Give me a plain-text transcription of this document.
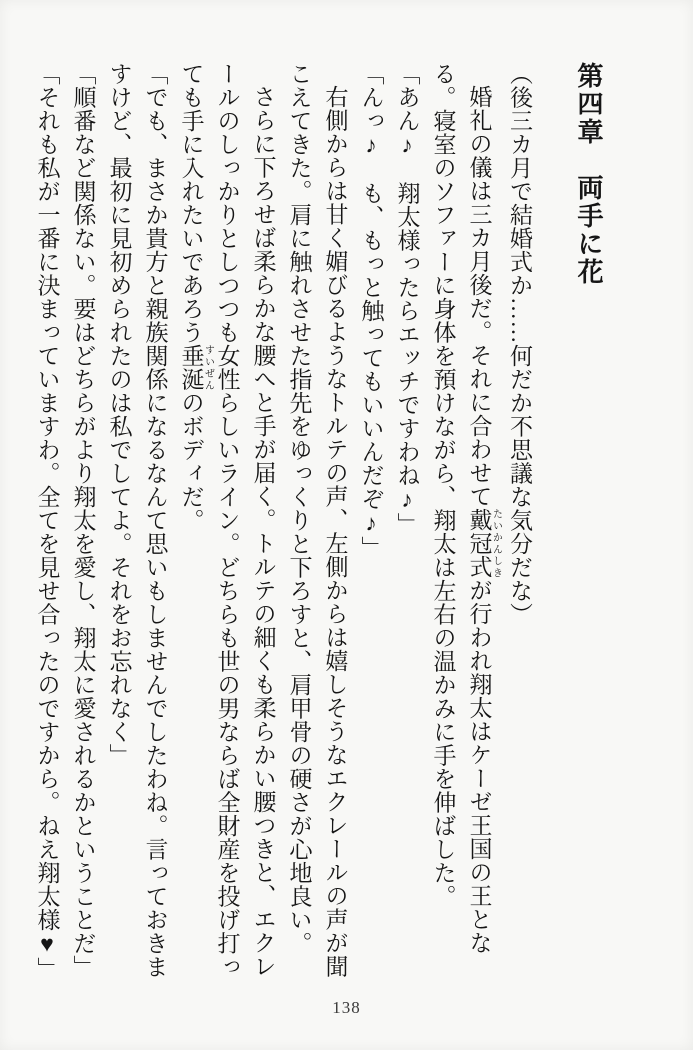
第四章　両手に花

（後三カ月で結婚式か……何だか不思議な気分だな）

婚礼の儀は三カ月後だ。それに合わせて戴冠式 たいかんしきが行われ翔太はケーゼ王国の王となる。寝室のソファーに身体を預けながら、翔太は左右の温かみに手を伸ばした。

「あん♪　翔太様ったらエッチですわね♪」

「んっ♪　も、もっと触ってもいいんだぞ♪」

右側からは甘く媚びるようなトルテの声、左側からは嬉しそうなエクレールの声が聞こえてきた。肩に触れさせた指先をゆっくりと下ろすと、肩甲骨の硬さが心地良い。

さらに下ろせば柔らかな腰へと手が届く。トルテの細くも柔らかい腰つきと、エクレールのしっかりとしつつも女性らしいライン。どちらも世の男ならば全財産を投げ打っても手に入れたいであろう垂涎 すいぜんのボディだ。

「でも、まさか貴方と親族関係になるなんて思いもしませんでしたわね。言っておきますけど、最初に見初められたのは私でしてよ。それをお忘れなく」

「順番など関係ない。要はどちらがより翔太を愛し、翔太に愛されるかということだ」

「それも私が一番に決まっていますわ。全てを見せ合ったのですから。ねえ翔太様♥」

138
